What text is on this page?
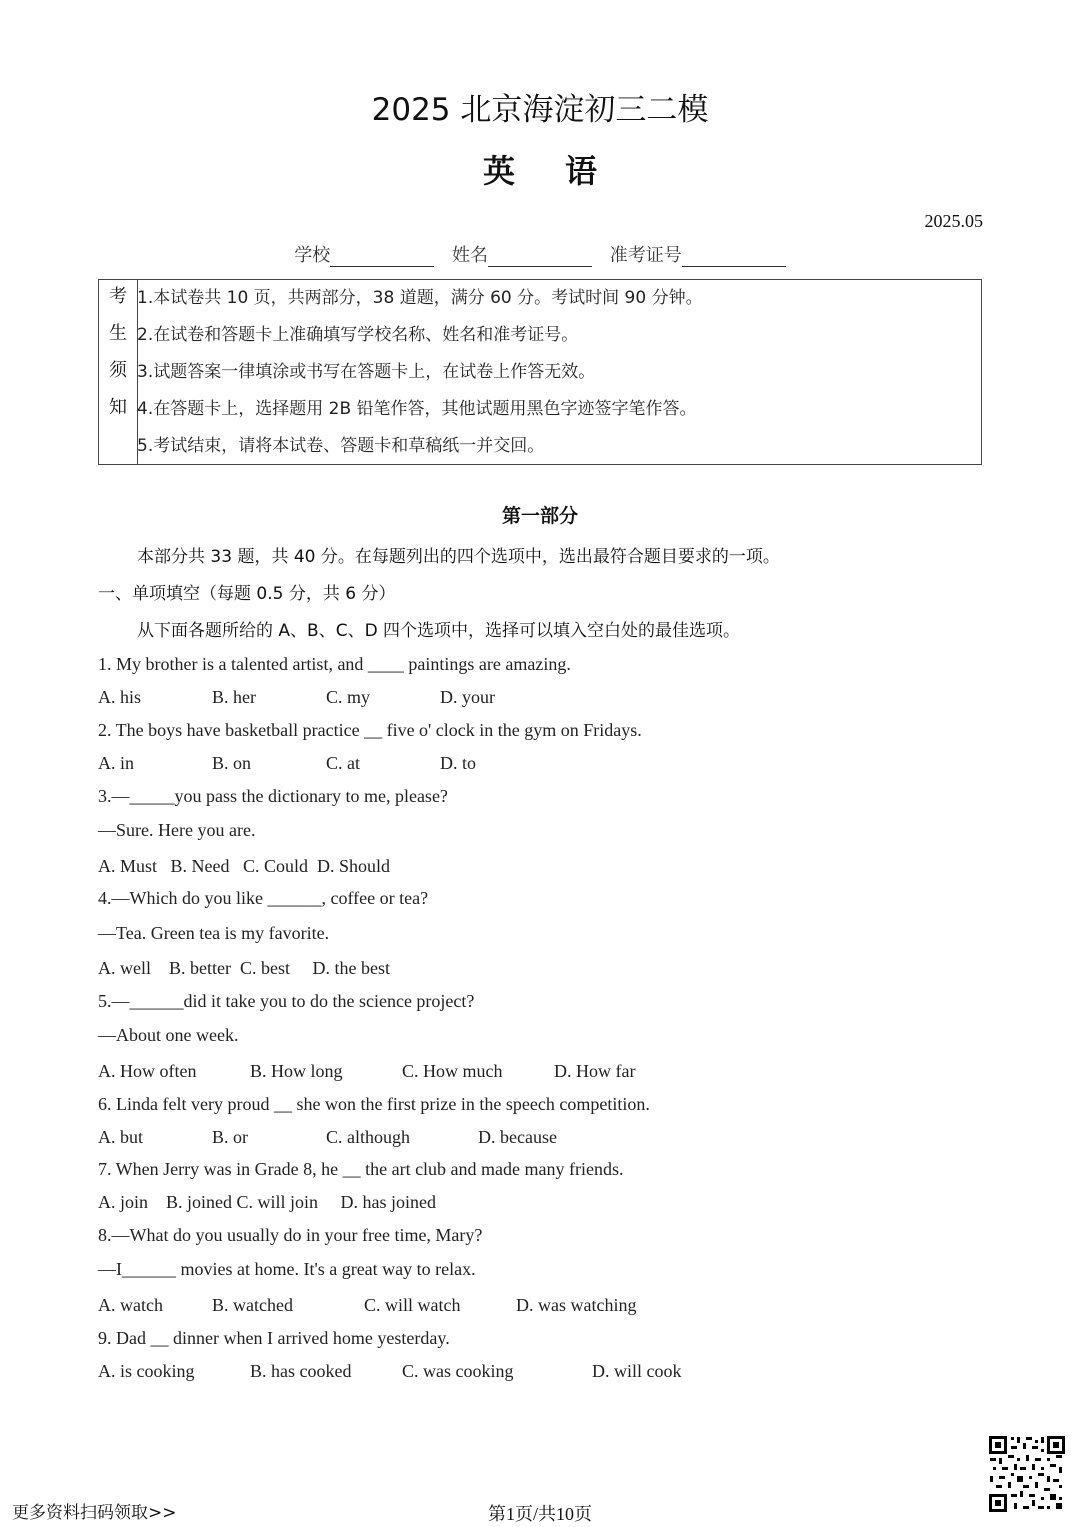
2025 北京海淀初三二模
英语
2025.05
学校	姓名	准考证号
考
生
须
知
1.本试卷共 10 页，共两部分，38 道题，满分 60 分。考试时间 90 分钟。
2.在试卷和答题卡上准确填写学校名称、姓名和准考证号。
3.试题答案一律填涂或书写在答题卡上，在试卷上作答无效。
4.在答题卡上，选择题用 2B 铅笔作答，其他试题用黑色字迹签字笔作答。
5.考试结束，请将本试卷、答题卡和草稿纸一并交回。
第一部分
本部分共 33 题，共 40 分。在每题列出的四个选项中，选出最符合题目要求的一项。
一、单项填空（每题 0.5 分，共 6 分）
从下面各题所给的 A、B、C、D 四个选项中，选择可以填入空白处的最佳选项。
1. My brother is a talented artist, and ____ paintings are amazing.
A. his	B. her	C. my	D. your
2. The boys have basketball practice __ five o' clock in the gym on Fridays.
A. in	B. on	C. at	D. to
3.—_____you pass the dictionary to me, please?
—Sure. Here you are.
A. Must   B. Need   C. Could  D. Should
4.—Which do you like ______, coffee or tea?
—Tea. Green tea is my favorite.
A. well    B. better  C. best     D. the best
5.—______did it take you to do the science project?
—About one week.
A. How often	B. How long	C. How much	D. How far
6. Linda felt very proud __ she won the first prize in the speech competition.
A. but	B. or	C. although	D. because
7. When Jerry was in Grade 8, he __ the art club and made many friends.
A. join    B. joined C. will join     D. has joined
8.—What do you usually do in your free time, Mary?
—I______ movies at home. It's a great way to relax.
A. watch	B. watched	C. will watch	D. was watching
9. Dad __ dinner when I arrived home yesterday.
A. is cooking	B. has cooked	C. was cooking	D. will cook
更多资料扫码领取>>	第1页/共10页
